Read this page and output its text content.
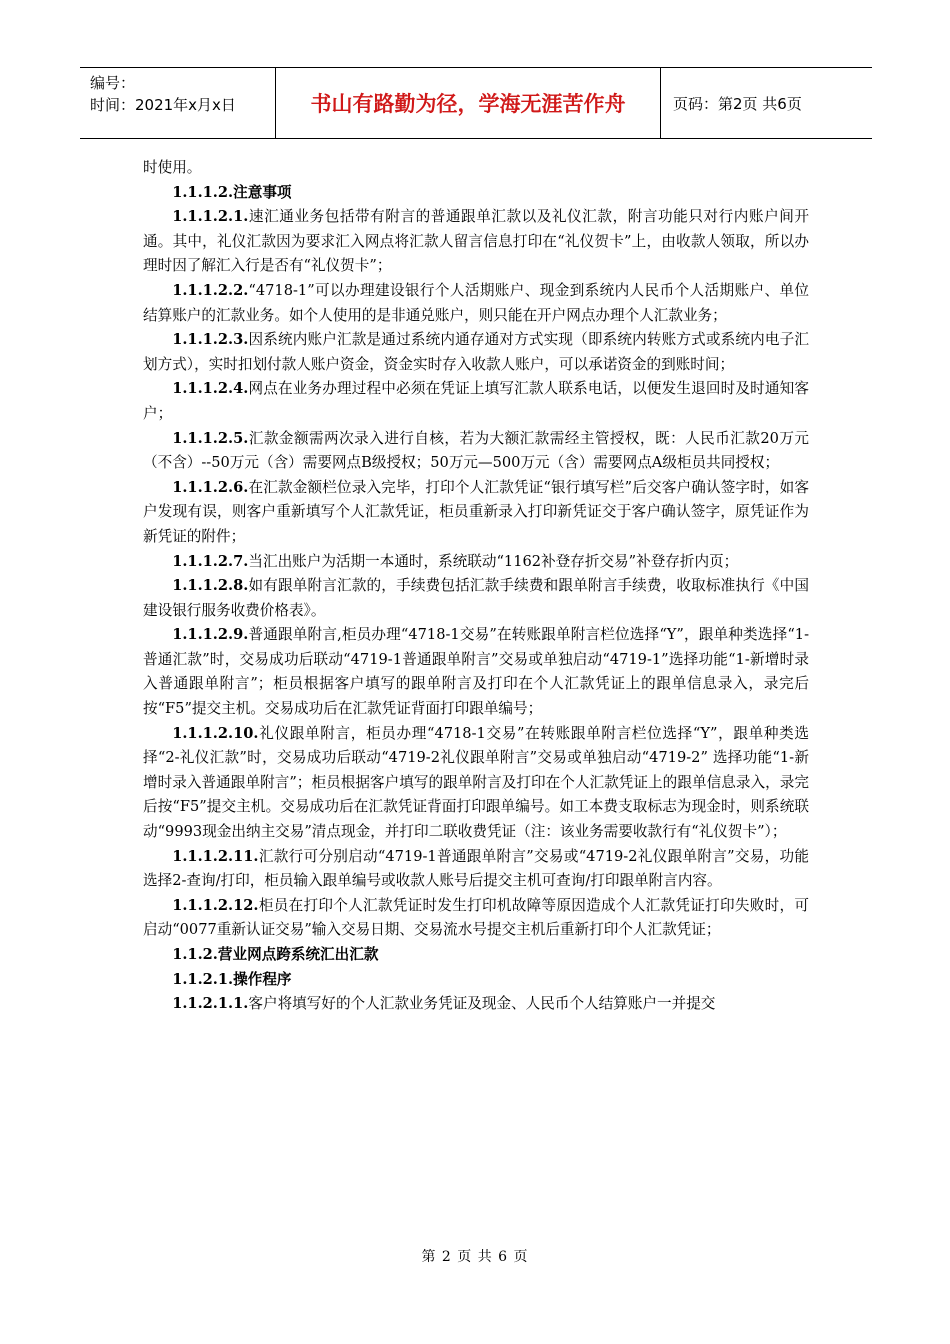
编号：
时间：2021年x月x日	书山有路勤为径，学海无涯苦作舟	页码：第2页 共6页

时使用。

1.1.1.2.注意事项

1.1.1.2.1.速汇通业务包括带有附言的普通跟单汇款以及礼仪汇款，附言功能只对行内账户间开通。其中，礼仪汇款因为要求汇入网点将汇款人留言信息打印在“礼仪贺卡”上，由收款人领取，所以办理时因了解汇入行是否有“礼仪贺卡”；

1.1.1.2.2.“4718-1”可以办理建设银行个人活期账户、现金到系统内人民币个人活期账户、单位结算账户的汇款业务。如个人使用的是非通兑账户，则只能在开户网点办理个人汇款业务；

1.1.1.2.3.因系统内账户汇款是通过系统内通存通对方式实现（即系统内转账方式或系统内电子汇划方式），实时扣划付款人账户资金，资金实时存入收款人账户，可以承诺资金的到账时间；

1.1.1.2.4.网点在业务办理过程中必须在凭证上填写汇款人联系电话，以便发生退回时及时通知客户；

1.1.1.2.5.汇款金额需两次录入进行自核，若为大额汇款需经主管授权，既：人民币汇款20万元（不含）--50万元（含）需要网点B级授权；50万元—500万元（含）需要网点A级柜员共同授权；

1.1.1.2.6.在汇款金额栏位录入完毕，打印个人汇款凭证“银行填写栏”后交客户确认签字时，如客户发现有误，则客户重新填写个人汇款凭证，柜员重新录入打印新凭证交于客户确认签字，原凭证作为新凭证的附件；

1.1.1.2.7.当汇出账户为活期一本通时，系统联动“1162补登存折交易”补登存折内页；

1.1.1.2.8.如有跟单附言汇款的，手续费包括汇款手续费和跟单附言手续费，收取标准执行《中国建设银行服务收费价格表》。

1.1.1.2.9.普通跟单附言,柜员办理“4718-1交易”在转账跟单附言栏位选择“Y”，跟单种类选择“1-普通汇款”时，交易成功后联动“4719-1普通跟单附言”交易或单独启动“4719-1”选择功能“1-新增时录入普通跟单附言”；柜员根据客户填写的跟单附言及打印在个人汇款凭证上的跟单信息录入，录完后按“F5”提交主机。交易成功后在汇款凭证背面打印跟单编号；

1.1.1.2.10.礼仪跟单附言，柜员办理“4718-1交易”在转账跟单附言栏位选择“Y”，跟单种类选择“2-礼仪汇款”时，交易成功后联动“4719-2礼仪跟单附言”交易或单独启动“4719-2” 选择功能“1-新增时录入普通跟单附言”；柜员根据客户填写的跟单附言及打印在个人汇款凭证上的跟单信息录入，录完后按“F5”提交主机。交易成功后在汇款凭证背面打印跟单编号。如工本费支取标志为现金时，则系统联动“9993现金出纳主交易”清点现金，并打印二联收费凭证（注：该业务需要收款行有“礼仪贺卡”）；

1.1.1.2.11.汇款行可分别启动“4719-1普通跟单附言”交易或“4719-2礼仪跟单附言”交易，功能选择2-查询/打印，柜员输入跟单编号或收款人账号后提交主机可查询/打印跟单附言内容。

1.1.1.2.12.柜员在打印个人汇款凭证时发生打印机故障等原因造成个人汇款凭证打印失败时，可启动“0077重新认证交易”输入交易日期、交易流水号提交主机后重新打印个人汇款凭证；

1.1.2.营业网点跨系统汇出汇款

1.1.2.1.操作程序

1.1.2.1.1.客户将填写好的个人汇款业务凭证及现金、人民币个人结算账户一并提交

第 2 页 共 6 页
